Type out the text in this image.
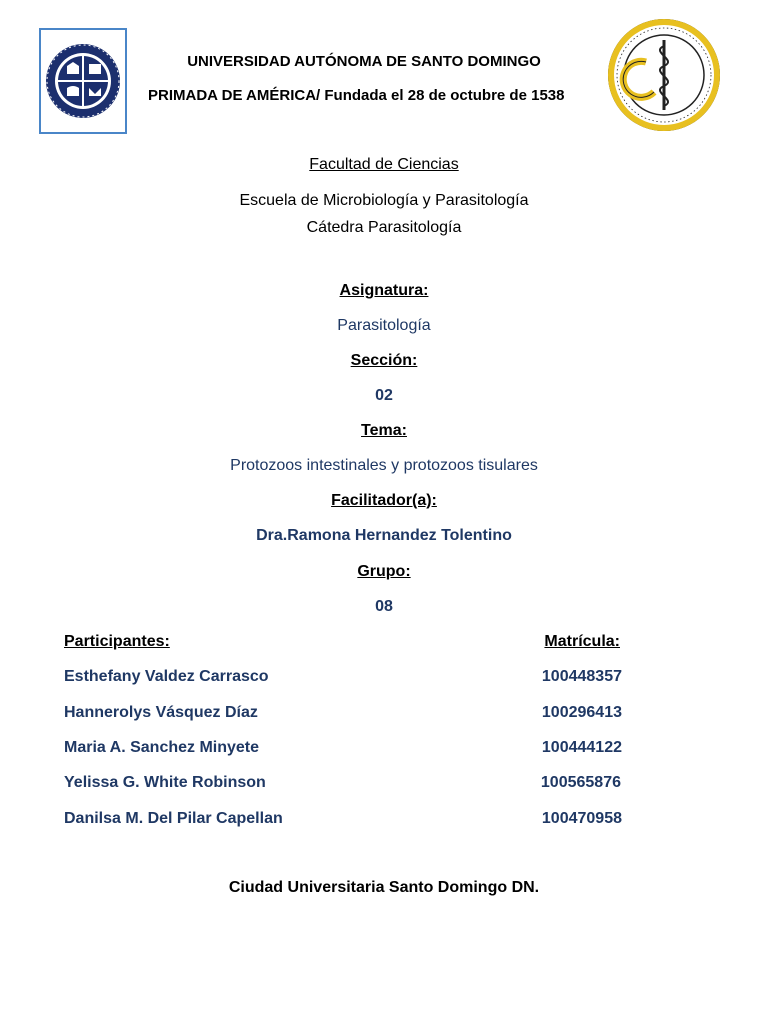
UNIVERSIDAD AUTÓNOMA DE SANTO DOMINGO
PRIMADA DE AMÉRICA/ Fundada el 28 de octubre de 1538
Facultad de Ciencias
Escuela de Microbiología y Parasitología
Cátedra Parasitología
Asignatura:
Parasitología
Sección:
02
Tema:
Protozoos intestinales y protozoos tisulares
Facilitador(a):
Dra.Ramona Hernandez Tolentino
Grupo:
08
Participantes:	Matrícula:
Esthefany Valdez Carrasco	100448357
Hannerolys Vásquez Díaz	100296413
Maria A. Sanchez Minyete	100444122
Yelissa G. White Robinson	100565876
Danilsa M. Del Pilar Capellan	100470958
Ciudad Universitaria Santo Domingo DN.
